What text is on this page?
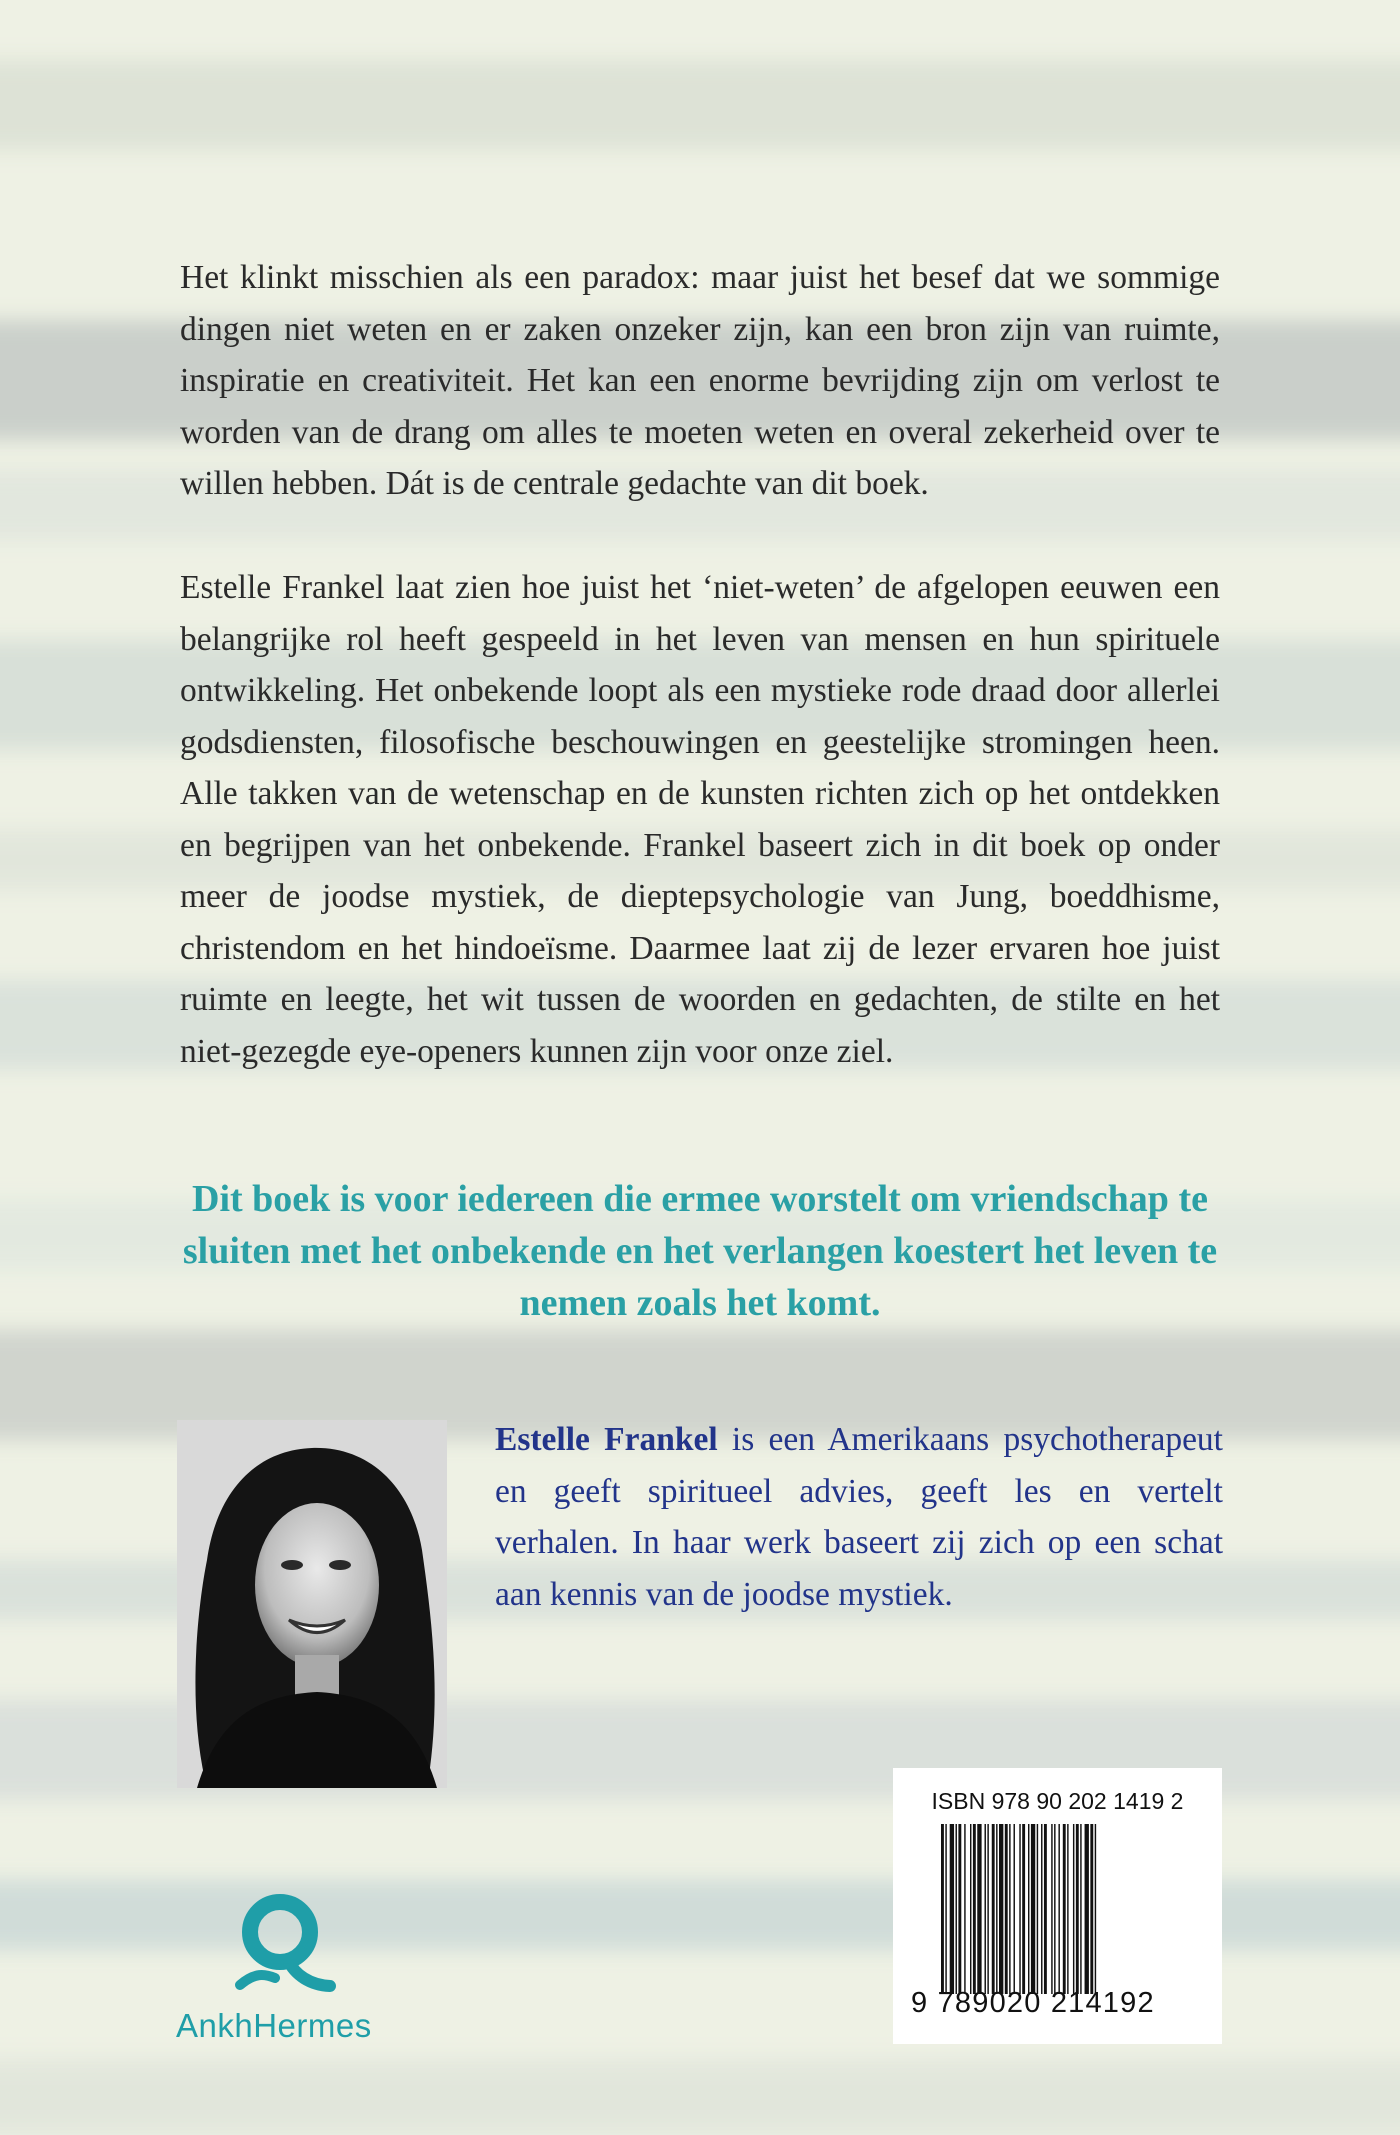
Het klinkt misschien als een paradox: maar juist het besef dat we sommige dingen niet weten en er zaken onzeker zijn, kan een bron zijn van ruimte, inspiratie en creativiteit. Het kan een enorme bevrijding zijn om verlost te worden van de drang om alles te moeten weten en overal zekerheid over te willen hebben. Dát is de centrale gedachte van dit boek.
Estelle Frankel laat zien hoe juist het ‘niet-weten’ de afgelopen eeuwen een belangrijke rol heeft gespeeld in het leven van mensen en hun spirituele ontwikkeling. Het onbekende loopt als een mystieke rode draad door allerlei godsdiensten, filosofische beschouwingen en geestelijke stromingen heen. Alle takken van de wetenschap en de kunsten richten zich op het ontdekken en begrijpen van het onbekende. Frankel baseert zich in dit boek op onder meer de joodse mystiek, de dieptepsychologie van Jung, boeddhisme, christendom en het hindoeïsme. Daarmee laat zij de lezer ervaren hoe juist ruimte en leegte, het wit tussen de woorden en gedachten, de stilte en het niet-gezegde eye-openers kunnen zijn voor onze ziel.
Dit boek is voor iedereen die ermee worstelt om vriendschap te sluiten met het onbekende en het verlangen koestert het leven te nemen zoals het komt.
Estelle Frankel is een Amerikaans psychotherapeut en geeft spiritueel advies, geeft les en vertelt verhalen. In haar werk baseert zij zich op een schat aan kennis van de joodse mystiek.
ISBN 978 90 202 1419 2
9 789020 214192
AnkhHermes
